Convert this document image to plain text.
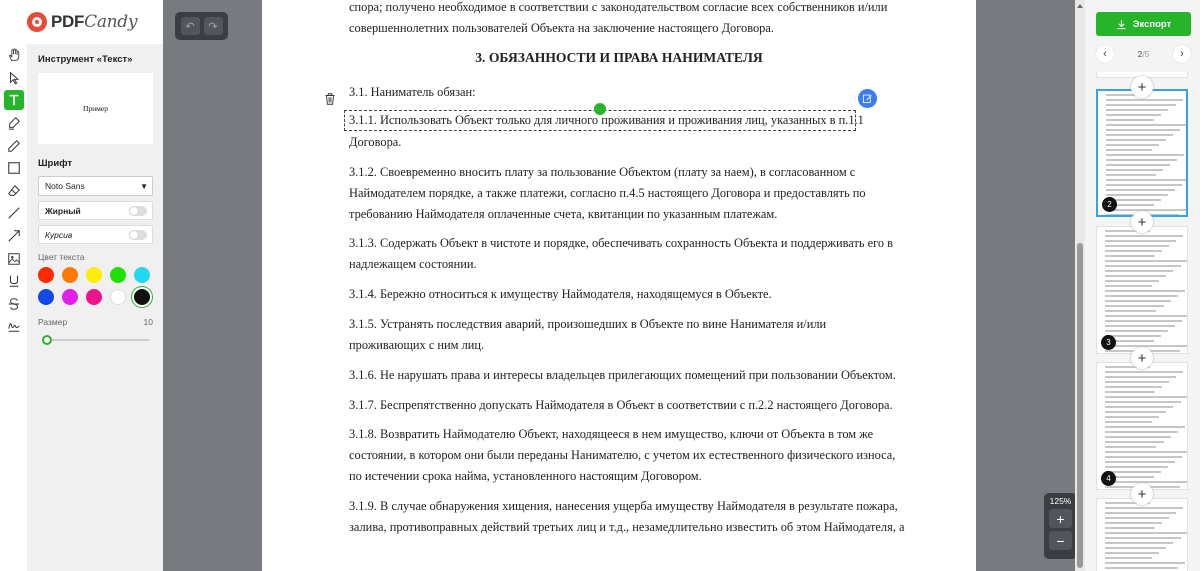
PDFCandy
Инструмент «Текст»
Пример
Шрифт
Noto Sans	▼
Жирный
Курсив
Цвет текста
Размер	10
↶ ↷
спора; получено необходимое в соответствии с законодательством согласие всех собственников и/или
совершеннолетних пользователей Объекта на заключение настоящего Договора.
3. ОБЯЗАННОСТИ И ПРАВА НАНИМАТЕЛЯ
3.1. Наниматель обязан:
3.1.1. Использовать Объект только для личного проживания и проживания лиц, указанных в п.1.1
Договора.
3.1.2. Своевременно вносить плату за пользование Объектом (плату за наем), в согласованном с
Наймодателем порядке, а также платежи, согласно п.4.5 настоящего Договора и предоставлять по
требованию Наймодателя оплаченные счета, квитанции по указанным платежам.
3.1.3. Содержать Объект в чистоте и порядке, обеспечивать сохранность Объекта и поддерживать его в
надлежащем состоянии.
3.1.4. Бережно относиться к имуществу Наймодателя, находящемуся в Объекте.
3.1.5. Устранять последствия аварий, произошедших в Объекте по вине Нанимателя и/или
проживающих с ним лиц.
3.1.6. Не нарушать права и интересы владельцев прилегающих помещений при пользовании Объектом.
3.1.7. Беспрепятственно допускать Наймодателя в Объект в соответствии с п.2.2 настоящего Договора.
3.1.8. Возвратить Наймодателю Объект, находящееся в нем имущество, ключи от Объекта в том же
состоянии, в котором они были переданы Нанимателю, с учетом их естественного физического износа,
по истечении срока найма, установленного настоящим Договором.
3.1.9. В случае обнаружения хищения, нанесения ущерба имуществу Наймодателя в результате пожара,
залива, противоправных действий третьих лиц и т.д., незамедлительно известить об этом Наймодателя, а
125%
+
−
Экспорт
‹	2/5	›
+
2
+
3
+
4
+
